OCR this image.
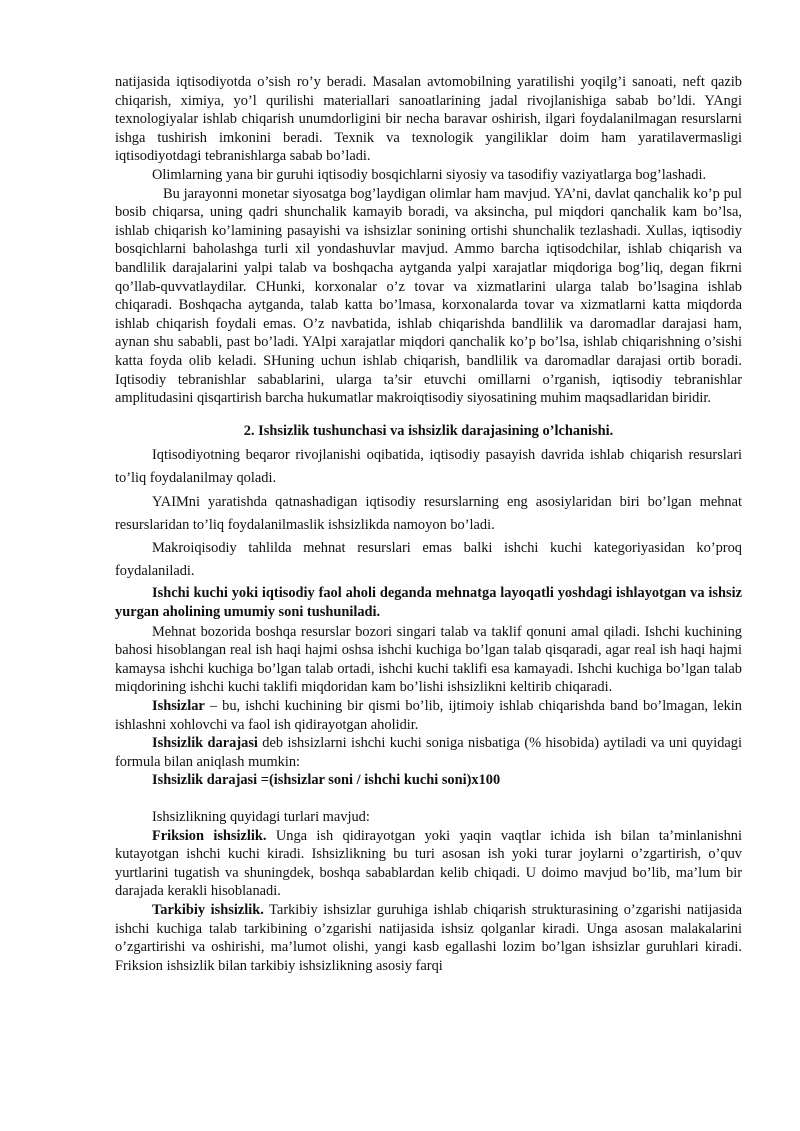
natijasida iqtisodiyotda o’sish ro’y beradi. Masalan avtomobilning yaratilishi yoqilg’i sanoati, neft qazib chiqarish, ximiya, yo’l qurilishi materiallari sanoatlarining jadal rivojlanishiga sabab bo’ldi. YAngi texnologiyalar ishlab chiqarish unumdorligini bir necha baravar oshirish, ilgari foydalanilmagan resurslarni ishga tushirish imkonini beradi. Texnik va texnologik yangiliklar doim ham yaratilavermasligi iqtisodiyotdagi tebranishlarga sabab bo’ladi.

Olimlarning yana bir guruhi iqtisodiy bosqichlarni siyosiy va tasodifiy vaziyatlarga bog’lashadi.

Bu jarayonni monetar siyosatga bog’laydigan olimlar ham mavjud. YA’ni, davlat qanchalik ko’p pul bosib chiqarsa, uning qadri shunchalik kamayib boradi, va aksincha, pul miqdori qanchalik kam bo’lsa, ishlab chiqarish ko’lamining pasayishi va ishsizlar sonining ortishi shunchalik tezlashadi. Xullas, iqtisodiy bosqichlarni baholashga turli xil yondashuvlar mavjud. Ammo barcha iqtisodchilar, ishlab chiqarish va bandlilik darajalarini yalpi talab va boshqacha aytganda yalpi xarajatlar miqdoriga bog’liq, degan fikrni qo’llab-quvvatlaydilar. CHunki, korxonalar o’z tovar va xizmatlarini ularga talab bo’lsagina ishlab chiqaradi. Boshqacha aytganda, talab katta bo’lmasa, korxonalarda tovar va xizmatlarni katta miqdorda ishlab chiqarish foydali emas. O’z navbatida, ishlab chiqarishda bandlilik va daromadlar darajasi ham, aynan shu sababli, past bo’ladi. YAlpi xarajatlar miqdori qanchalik ko’p bo’lsa, ishlab chiqarishning o’sishi katta foyda olib keladi. SHuning uchun ishlab chiqarish, bandlilik va daromadlar darajasi ortib boradi. Iqtisodiy tebranishlar sabablarini, ularga ta’sir etuvchi omillarni o’rganish, iqtisodiy tebranishlar amplitudasini qisqartirish barcha hukumatlar makroiqtisodiy siyosatining muhim maqsadlaridan biridir.

2. Ishsizlik tushunchasi va ishsizlik darajasining o’lchanishi.

Iqtisodiyotning beqaror rivojlanishi oqibatida, iqtisodiy pasayish davrida ishlab chiqarish resurslari to’liq foydalanilmay qoladi.

YAIMni yaratishda qatnashadigan iqtisodiy resurslarning eng asosiylaridan biri bo’lgan mehnat resurslaridan to’liq foydalanilmaslik ishsizlikda namoyon bo’ladi.

Makroiqisodiy tahlilda mehnat resurslari emas balki ishchi kuchi kategoriyasidan ko’proq foydalaniladi.

Ishchi kuchi yoki iqtisodiy faol aholi deganda mehnatga layoqatli yoshdagi ishlayotgan va ishsiz yurgan aholining umumiy soni tushuniladi.

Mehnat bozorida boshqa resurslar bozori singari talab va taklif qonuni amal qiladi. Ishchi kuchining bahosi hisoblangan real ish haqi hajmi oshsa ishchi kuchiga bo’lgan talab qisqaradi, agar real ish haqi hajmi kamaysa ishchi kuchiga bo’lgan talab ortadi, ishchi kuchi taklifi esa kamayadi. Ishchi kuchiga bo’lgan talab miqdorining ishchi kuchi taklifi miqdoridan kam bo’lishi ishsizlikni keltirib chiqaradi.

Ishsizlar – bu, ishchi kuchining bir qismi bo’lib, ijtimoiy ishlab chiqarishda band bo’lmagan, lekin ishlashni xohlovchi va faol ish qidirayotgan aholidir.

Ishsizlik darajasi deb ishsizlarni ishchi kuchi soniga nisbatiga (% hisobida) aytiladi va uni quyidagi formula bilan aniqlash mumkin:

Ishsizlik darajasi =(ishsizlar soni / ishchi kuchi soni)x100

Ishsizlikning quyidagi turlari mavjud:

Friksion ishsizlik. Unga ish qidirayotgan yoki yaqin vaqtlar ichida ish bilan ta’minlanishni kutayotgan ishchi kuchi kiradi. Ishsizlikning bu turi asosan ish yoki turar joylarni o’zgartirish, o’quv yurtlarini tugatish va shuningdek, boshqa sabablardan kelib chiqadi. U doimo mavjud bo’lib, ma’lum bir darajada kerakli hisoblanadi.

Tarkibiy ishsizlik. Tarkibiy ishsizlar guruhiga ishlab chiqarish strukturasining o’zgarishi natijasida ishchi kuchiga talab tarkibining o’zgarishi natijasida ishsiz qolganlar kiradi. Unga asosan malakalarini o’zgartirishi va oshirishi, ma’lumot olishi, yangi kasb egallashi lozim bo’lgan ishsizlar guruhlari kiradi. Friksion ishsizlik bilan tarkibiy ishsizlikning asosiy farqi
